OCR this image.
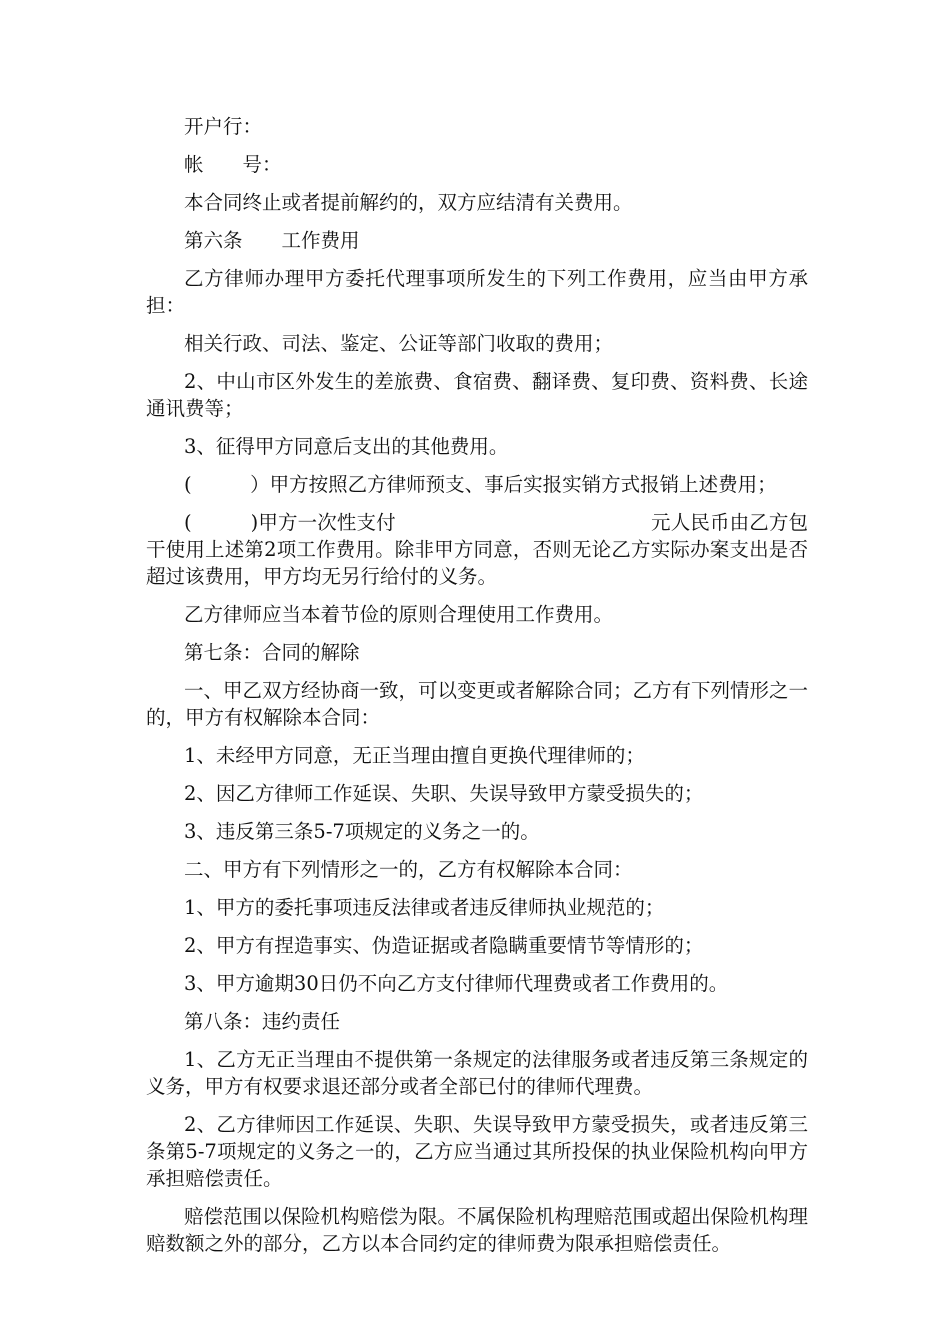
开户行：

帐　　号：

本合同终止或者提前解约的，双方应结清有关费用。

第六条　　工作费用

乙方律师办理甲方委托代理事项所发生的下列工作费用，应当由甲方承担：

相关行政、司法、鉴定、公证等部门收取的费用；

2、中山市区外发生的差旅费、食宿费、翻译费、复印费、资料费、长途通讯费等；

3、征得甲方同意后支出的其他费用。

(　　　）甲方按照乙方律师预支、事后实报实销方式报销上述费用；

(　　　)甲方一次性支付　　　　　　　　　　　　　元人民币由乙方包干使用上述第2项工作费用。除非甲方同意，否则无论乙方实际办案支出是否超过该费用，甲方均无另行给付的义务。

乙方律师应当本着节俭的原则合理使用工作费用。

第七条：合同的解除

一、甲乙双方经协商一致，可以变更或者解除合同；乙方有下列情形之一的，甲方有权解除本合同：

1、未经甲方同意，无正当理由擅自更换代理律师的；

2、因乙方律师工作延误、失职、失误导致甲方蒙受损失的；

3、违反第三条5-7项规定的义务之一的。

二、甲方有下列情形之一的，乙方有权解除本合同：

1、甲方的委托事项违反法律或者违反律师执业规范的；

2、甲方有捏造事实、伪造证据或者隐瞒重要情节等情形的；

3、甲方逾期30日仍不向乙方支付律师代理费或者工作费用的。

第八条：违约责任

1、乙方无正当理由不提供第一条规定的法律服务或者违反第三条规定的义务，甲方有权要求退还部分或者全部已付的律师代理费。

2、乙方律师因工作延误、失职、失误导致甲方蒙受损失，或者违反第三条第5-7项规定的义务之一的，乙方应当通过其所投保的执业保险机构向甲方承担赔偿责任。

赔偿范围以保险机构赔偿为限。不属保险机构理赔范围或超出保险机构理赔数额之外的部分，乙方以本合同约定的律师费为限承担赔偿责任。
